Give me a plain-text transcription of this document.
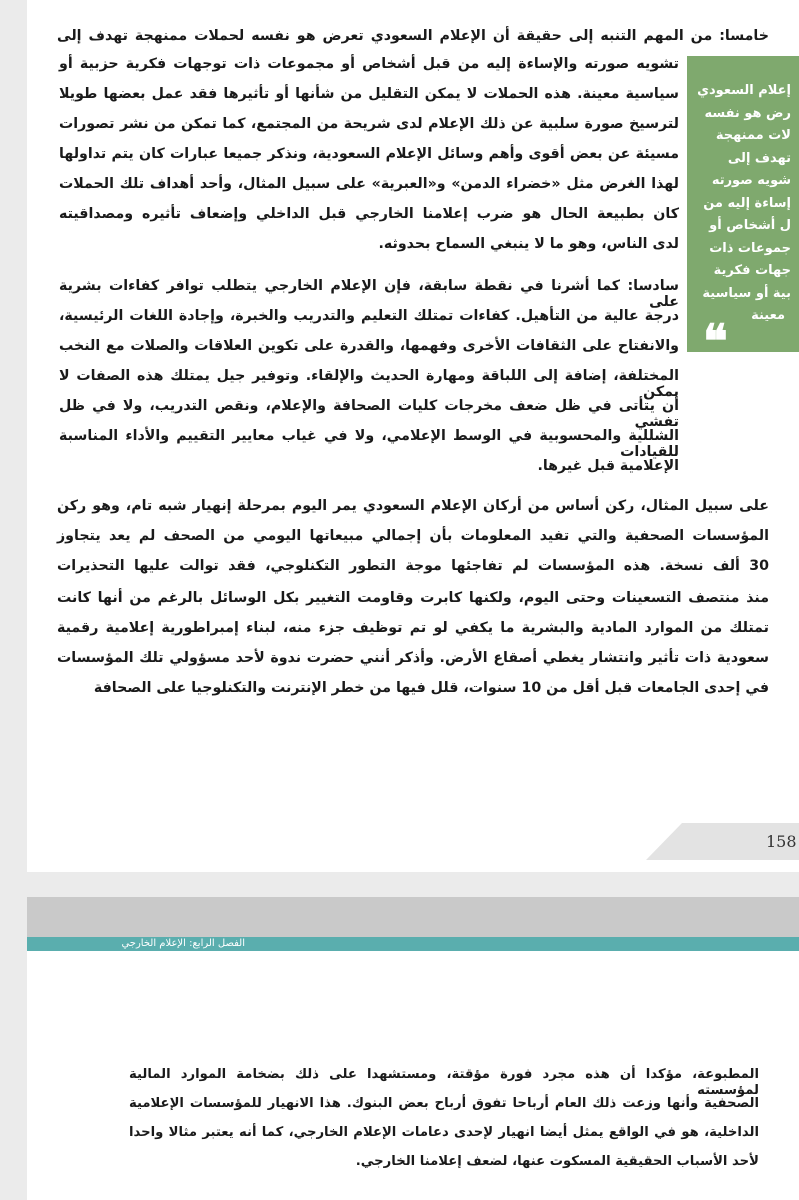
خامسا: من المهم التنبه إلى حقيقة أن الإعلام السعودي تعرض هو نفسه لحملات ممنهجة تهدف إلى
تشويه صورته والإساءة إليه من قبل أشخاص أو مجموعات ذات توجهات فكرية حزبية أو
سياسية معينة. هذه الحملات لا يمكن التقليل من شأنها أو تأثيرها فقد عمل بعضها طويلا
لترسيخ صورة سلبية عن ذلك الإعلام لدى شريحة من المجتمع، كما تمكن من نشر تصورات
مسيئة عن بعض أقوى وأهم وسائل الإعلام السعودية، ونذكر جميعا عبارات كان يتم تداولها
لهذا الغرض مثل «خضراء الدمن» و«العبرية» على سبيل المثال، وأحد أهداف تلك الحملات
كان بطبيعة الحال هو ضرب إعلامنا الخارجي قبل الداخلي وإضعاف تأثيره ومصداقيته
لدى الناس، وهو ما لا ينبغي السماح بحدوثه.
سادسا: كما أشرنا في نقطة سابقة، فإن الإعلام الخارجي يتطلب توافر كفاءات بشرية على
درجة عالية من التأهيل. كفاءات تمتلك التعليم والتدريب والخبرة، وإجادة اللغات الرئيسية،
والانفتاح على الثقافات الأخرى وفهمها، والقدرة على تكوين العلاقات والصلات مع النخب
المختلفة، إضافة إلى اللباقة ومهارة الحديث والإلقاء. وتوفير جيل يمتلك هذه الصفات لا يمكن
أن يتأتى في ظل ضعف مخرجات كليات الصحافة والإعلام، ونقص التدريب، ولا في ظل تفشي
الشللية والمحسوبية في الوسط الإعلامي، ولا في غياب معايير التقييم والأداء المناسبة للقيادات
الإعلامية قبل غيرها.
على سبيل المثال، ركن أساس من أركان الإعلام السعودي يمر اليوم بمرحلة إنهيار شبه تام، وهو ركن
المؤسسات الصحفية والتي تفيد المعلومات بأن إجمالي مبيعاتها اليومي من الصحف لم يعد يتجاوز
30 ألف نسخة. هذه المؤسسات لم تفاجئها موجة التطور التكنلوجي، فقد توالت عليها التحذيرات
منذ منتصف التسعينات وحتى اليوم، ولكنها كابرت وقاومت التغيير بكل الوسائل بالرغم من أنها كانت
تمتلك من الموارد المادية والبشرية ما يكفي لو تم توظيف جزء منه، لبناء إمبراطورية إعلامية رقمية
سعودية ذات تأثير وانتشار يغطي أصقاع الأرض. وأذكر أنني حضرت ندوة لأحد مسؤولي تلك المؤسسات
في إحدى الجامعات قبل أقل من 10 سنوات، قلل فيها من خطر الإنترنت والتكنلوجيا على الصحافة
إعلام السعودي
رض هو نفسه
لات ممنهجة
تهدف إلى
شويه صورته
إساءة إليه من
ل أشخاص أو
جموعات ذات
جهات فكرية
بية أو سياسية
معينة
❝
158
المطبوعة، مؤكدا أن هذه مجرد فورة مؤقتة، ومستشهدا على ذلك بضخامة الموارد المالية لمؤسسته
الصحفية وأنها وزعت ذلك العام أرباحا تفوق أرباح بعض البنوك. هذا الانهيار للمؤسسات الإعلامية
الداخلية، هو في الواقع يمثل أيضا انهيار لإحدى دعامات الإعلام الخارجي، كما أنه يعتبر مثالا واحدا
لأحد الأسباب الحقيقية المسكوت عنها، لضعف إعلامنا الخارجي.
الفصل الرابع: الإعلام الخارجي
